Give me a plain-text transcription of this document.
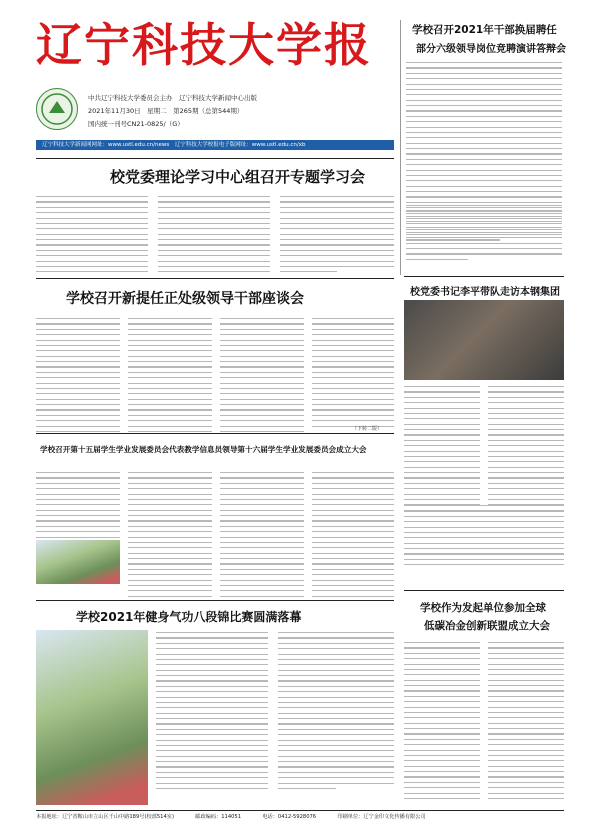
辽宁科技大学报
中共辽宁科技大学委员会主办　辽宁科技大学新闻中心出版
2021年11月30日　星期二　第265期（总第544期）
国内统一刊号CN21-0825/（G）
辽宁科技大学新闻网网址：www.ustl.edu.cn/news　辽宁科技大学校报电子版网址：www.ustl.edu.cn/xb
学校召开2021年干部换届聘任
部分六级领导岗位竞聘演讲答辩会
校党委理论学习中心组召开专题学习会
校党委书记李平带队走访本钢集团
学校召开新提任正处级领导干部座谈会
（下转二版）
学校召开第十五届学生学业发展委员会代表教学信息员领导第十六届学生学业发展委员会成立大会
学校作为发起单位参加全球
低碳冶金创新联盟成立大会
学校2021年健身气功八段锦比赛圆满落幕
本报地址：辽宁省鞍山市立山区千山中路189号(校部514室)	邮政编码：114051	电话：0412-5928076	印刷单位：辽宁金印文化传播有限公司
